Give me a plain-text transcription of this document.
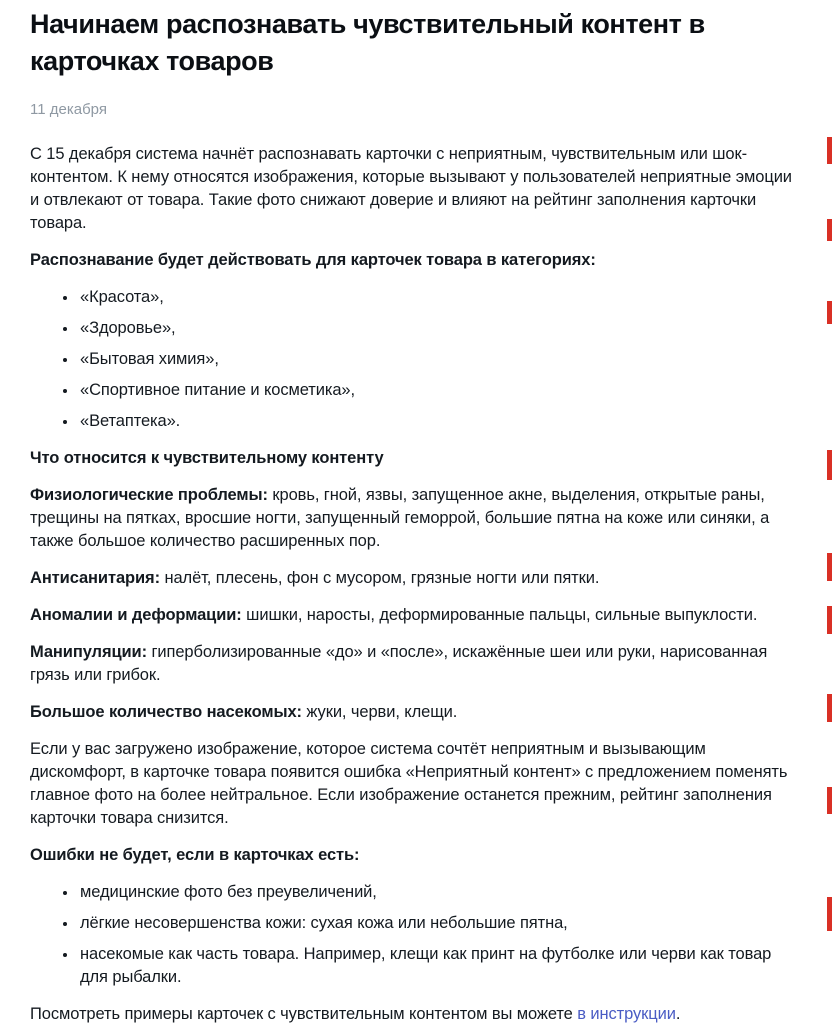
Начинаем распознавать чувствительный контент в карточках товаров
11 декабря

С 15 декабря система начнёт распознавать карточки с неприятным, чувствительным или шок-контентом. К нему относятся изображения, которые вызывают у пользователей неприятные эмоции и отвлекают от товара. Такие фото снижают доверие и влияют на рейтинг заполнения карточки товара.

Распознавание будет действовать для карточек товара в категориях:

• «Красота»,
• «Здоровье»,
• «Бытовая химия»,
• «Спортивное питание и косметика»,
• «Ветаптека».

Что относится к чувствительному контенту

Физиологические проблемы: кровь, гной, язвы, запущенное акне, выделения, открытые раны, трещины на пятках, вросшие ногти, запущенный геморрой, большие пятна на коже или синяки, а также большое количество расширенных пор.

Антисанитария: налёт, плесень, фон с мусором, грязные ногти или пятки.

Аномалии и деформации: шишки, наросты, деформированные пальцы, сильные выпуклости.

Манипуляции: гиперболизированные «до» и «после», искажённые шеи или руки, нарисованная грязь или грибок.

Большое количество насекомых: жуки, черви, клещи.

Если у вас загружено изображение, которое система сочтёт неприятным и вызывающим дискомфорт, в карточке товара появится ошибка «Неприятный контент» с предложением поменять главное фото на более нейтральное. Если изображение останется прежним, рейтинг заполнения карточки товара снизится.

Ошибки не будет, если в карточках есть:

• медицинские фото без преувеличений,
• лёгкие несовершенства кожи: сухая кожа или небольшие пятна,
• насекомые как часть товара. Например, клещи как принт на футболке или черви как товар для рыбалки.

Посмотреть примеры карточек с чувствительным контентом вы можете в инструкции.
